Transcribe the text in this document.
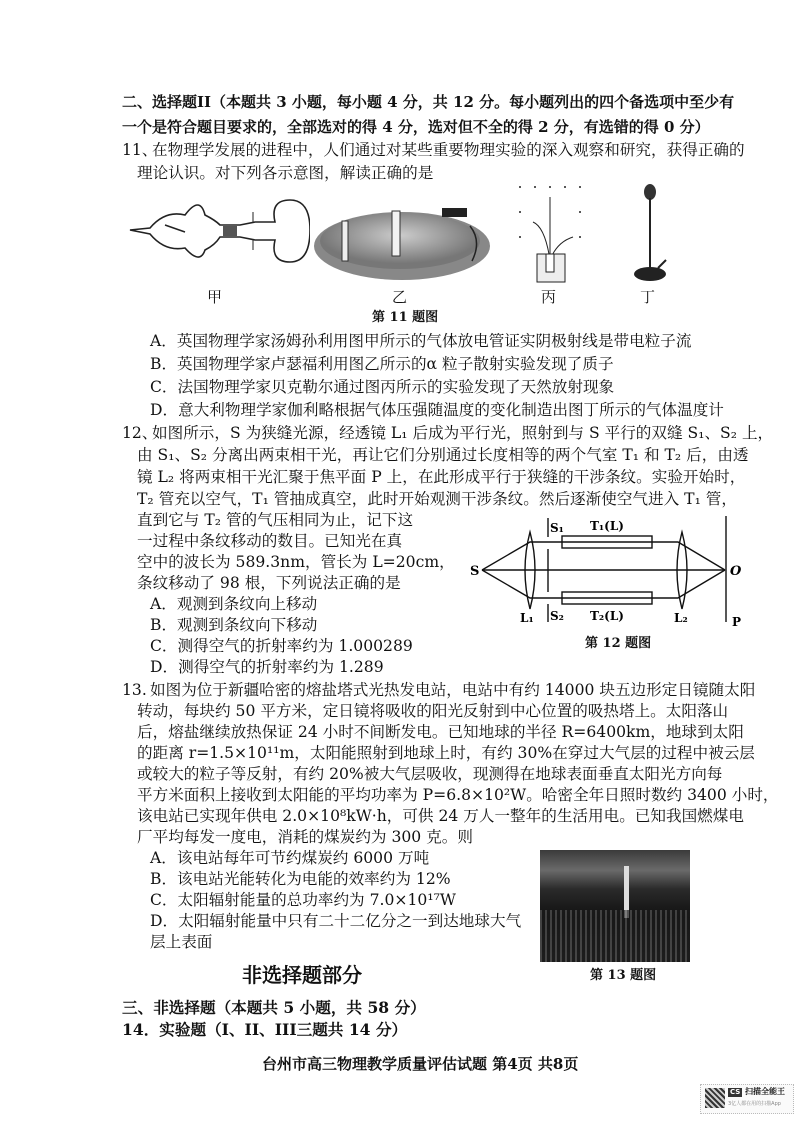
二、选择题II（本题共 3 小题，每小题 4 分，共 12 分。每小题列出的四个备选项中至少有
一个是符合题目要求的，全部选对的得 4 分，选对但不全的得 2 分，有选错的得 0 分）
11、
在物理学发展的进程中，人们通过对某些重要物理实验的深入观察和研究，获得正确的
理论认识。对下列各示意图，解读正确的是
甲	乙	丙	丁
第 11 题图
A．英国物理学家汤姆孙利用图甲所示的气体放电管证实阴极射线是带电粒子流
B．英国物理学家卢瑟福利用图乙所示的α 粒子散射实验发现了质子
C．法国物理学家贝克勒尔通过图丙所示的实验发现了天然放射现象
D．意大利物理学家伽利略根据气体压强随温度的变化制造出图丁所示的气体温度计
12、
如图所示，S 为狭缝光源，经透镜 L₁ 后成为平行光，照射到与 S 平行的双缝 S₁、S₂ 上，
由 S₁、S₂ 分离出两束相干光，再让它们分别通过长度相等的两个气室 T₁ 和 T₂ 后，由透
镜 L₂ 将两束相干光汇聚于焦平面 P 上，在此形成平行于狭缝的干涉条纹。实验开始时，
T₂ 管充以空气，T₁ 管抽成真空，此时开始观测干涉条纹。然后逐渐使空气进入 T₁ 管，
直到它与 T₂ 管的气压相同为止，记下这
一过程中条纹移动的数目。已知光在真
空中的波长为 589.3nm，管长为 L=20cm，
条纹移动了 98 根，下列说法正确的是
A．观测到条纹向上移动
B．观测到条纹向下移动
C．测得空气的折射率约为 1.000289
D．测得空气的折射率约为 1.289
S
S₁
S₂
T₁(L)
T₂(L)
L₁	L₂
O
P
第 12 题图
13. 如图为位于新疆哈密的熔盐塔式光热发电站，电站中有约 14000 块五边形定日镜随太阳
转动，每块约 50 平方米，定日镜将吸收的阳光反射到中心位置的吸热塔上。太阳落山
后，熔盐继续放热保证 24 小时不间断发电。已知地球的半径 R=6400km，地球到太阳
的距离 r=1.5×10¹¹m，太阳能照射到地球上时，有约 30%在穿过大气层的过程中被云层
或较大的粒子等反射，有约 20%被大气层吸收，现测得在地球表面垂直太阳光方向每
平方米面积上接收到太阳能的平均功率为 P=6.8×10²W。哈密全年日照时数约 3400 小时，
该电站已实现年供电 2.0×10⁸kW·h，可供 24 万人一整年的生活用电。已知我国燃煤电
厂平均每发一度电，消耗的煤炭约为 300 克。则
A．该电站每年可节约煤炭约 6000 万吨
B．该电站光能转化为电能的效率约为 12%
C．太阳辐射能量的总功率约为 7.0×10¹⁷W
D．太阳辐射能量中只有二十二亿分之一到达地球大气
层上表面
第 13 题图
非选择题部分
三、非选择题（本题共 5 小题，共 58 分）
14．实验题（I、II、III三题共 14 分）
台州市高三物理教学质量评估试题 第4页 共8页
CS 扫描全能王
3亿人都在用的扫描App
